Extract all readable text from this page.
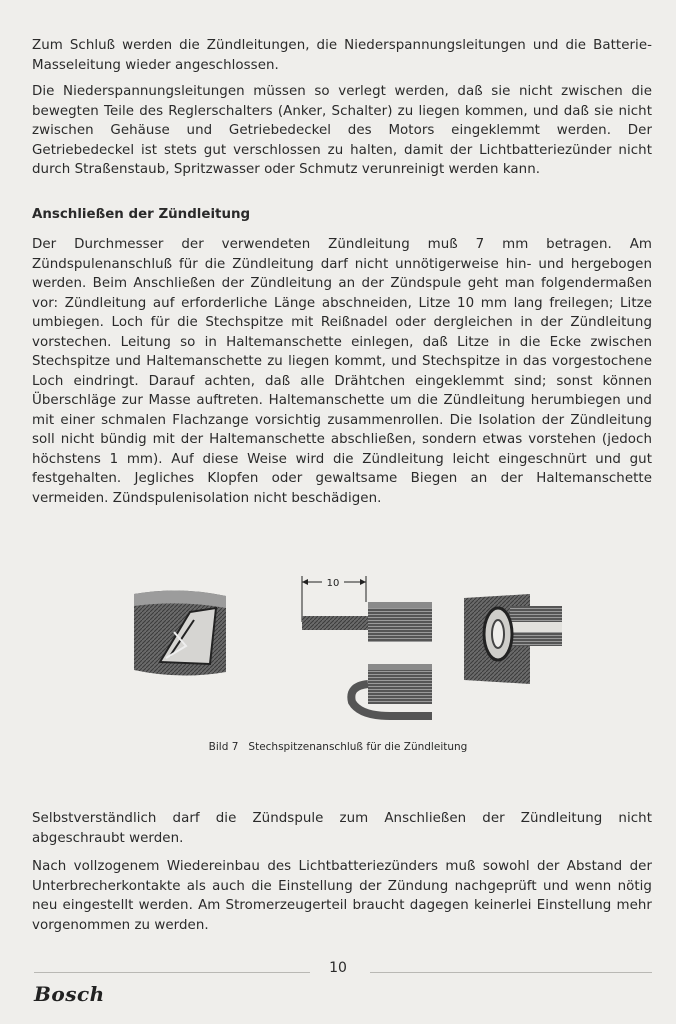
Zum Schluß werden die Zündleitungen, die Niederspannungsleitungen und die Batterie-Masseleitung wieder angeschlossen.

Die Niederspannungsleitungen müssen so verlegt werden, daß sie nicht zwischen die bewegten Teile des Reglerschalters (Anker, Schalter) zu liegen kommen, und daß sie nicht zwischen Gehäuse und Getriebedeckel des Motors eingeklemmt werden. Der Getriebedeckel ist stets gut verschlossen zu halten, damit der Lichtbatteriezünder nicht durch Straßenstaub, Spritzwasser oder Schmutz verunreinigt werden kann.

Anschließen der Zündleitung

Der Durchmesser der verwendeten Zündleitung muß 7 mm betragen. Am Zündspulenanschluß für die Zündleitung darf nicht unnötigerweise hin- und hergebogen werden. Beim Anschließen der Zündleitung an der Zündspule geht man folgendermaßen vor: Zündleitung auf erforderliche Länge abschneiden, Litze 10 mm lang freilegen; Litze umbiegen. Loch für die Stechspitze mit Reißnadel oder dergleichen in der Zündleitung vorstechen. Leitung so in Haltemanschette einlegen, daß Litze in die Ecke zwischen Stechspitze und Haltemanschette zu liegen kommt, und Stechspitze in das vorgestochene Loch eindringt. Darauf achten, daß alle Drähtchen eingeklemmt sind; sonst können Überschläge zur Masse auftreten. Haltemanschette um die Zündleitung herumbiegen und mit einer schmalen Flachzange vorsichtig zusammenrollen. Die Isolation der Zündleitung soll nicht bündig mit der Haltemanschette abschließen, sondern etwas vorstehen (jedoch höchstens 1 mm). Auf diese Weise wird die Zündleitung leicht eingeschnürt und gut festgehalten. Jegliches Klopfen oder gewaltsame Biegen an der Haltemanschette vermeiden. Zündspulenisolation nicht beschädigen.

10
Bild 7 Stechspitzenanschluß für die Zündleitung

Selbstverständlich darf die Zündspule zum Anschließen der Zündleitung nicht abgeschraubt werden.

Nach vollzogenem Wiedereinbau des Lichtbatteriezünders muß sowohl der Abstand der Unterbrecherkontakte als auch die Einstellung der Zündung nachgeprüft und wenn nötig neu eingestellt werden. Am Stromerzeugerteil braucht dagegen keinerlei Einstellung mehr vorgenommen zu werden.

10
Bosch
